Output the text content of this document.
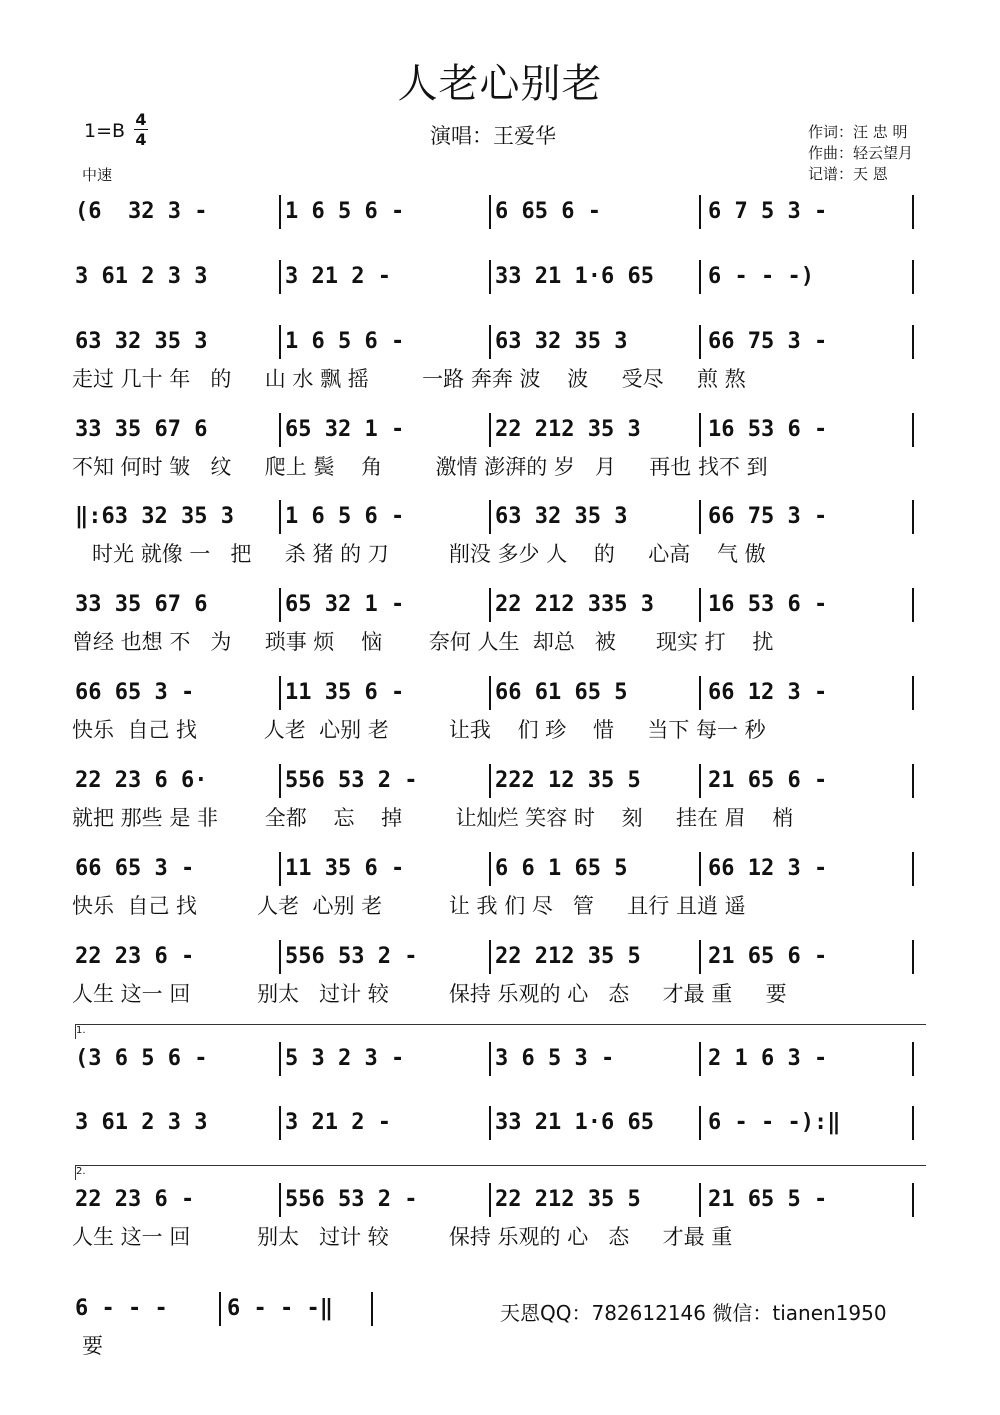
人老心别老
1=B
4
4
中速
演唱：王爱华	作词：汪 忠 明
作曲：轻云望月
记谱：天 恩
(6  32 3 -	1 6 5 6 -	6 65 6 -	6 7 5 3 -
3 61 2 3 3	3 21 2 -	33 21 1·6 65	6 - - -)
63 32 35 3	1 6 5 6 -	63 32 35 3	66 75 3 -
走过 几十 年   的     山 水 飘 摇        一路 奔奔 波    波     受尽     煎 熬
33 35 67 6	65 32 1 -	22 212 35 3	16 53 6 -
不知 何时 皱   纹     爬上 鬓    角        激情 澎湃的 岁   月     再也 找不 到
‖:63 32 35 3	1 6 5 6 -	63 32 35 3	66 75 3 -
时光 就像 一   把     杀 猪 的 刀         削没 多少 人    的     心高    气 傲
33 35 67 6	65 32 1 -	22 212 335 3	16 53 6 -
曾经 也想 不   为     琐事 烦    恼       奈何 人生  却总   被      现实 打    扰
66 65 3 -	11 35 6 -	66 61 65 5	66 12 3 -
快乐  自己 找          人老  心别 老         让我    们 珍    惜     当下 每一 秒
22 23 6 6·	556 53 2 -	222 12 35 5	21 65 6 -
就把 那些 是 非       全都    忘    掉        让灿烂 笑容 时    刻     挂在 眉    梢
66 65 3 -	11 35 6 -	6 6 1 65 5	66 12 3 -
快乐  自己 找         人老  心别 老          让 我 们 尽   管     且行 且逍 遥
22 23 6 -	556 53 2 -	22 212 35 5	21 65 6 -
人生 这一 回          别太   过计 较         保持 乐观的 心   态     才最 重     要
1.
(3 6 5 6 -	5 3 2 3 -	3 6 5 3 -	2 1 6 3 -
3 61 2 3 3	3 21 2 -	33 21 1·6 65	6 - - -):‖
2.
22 23 6 -	556 53 2 -	22 212 35 5	21 65 5 -
人生 这一 回          别太   过计 较         保持 乐观的 心   态     才最 重
6 - - -	6 - - -‖
要
天恩QQ：782612146 微信：tianen1950
